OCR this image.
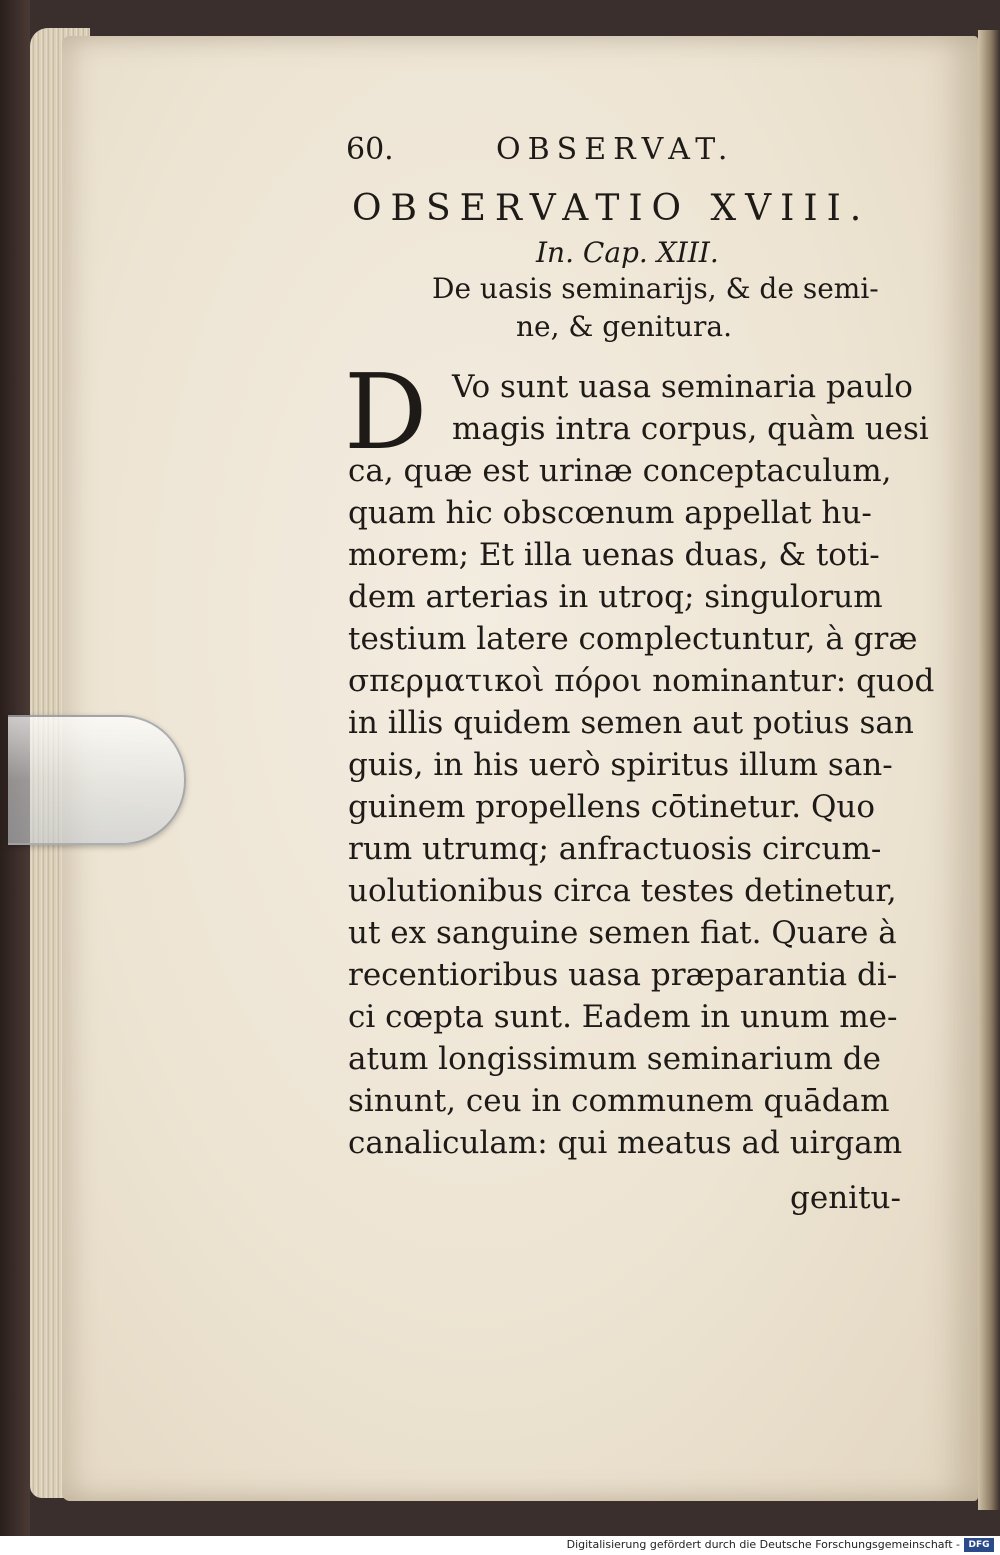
60.	OBSERVAT.
OBSERVATIO XVIII.
In. Cap. XIII.
De uasis seminarijs, & de semi-
ne, & genitura.
D Vo sunt uasa seminaria paulo
magis intra corpus, quàm uesi
ca, quæ est urinæ conceptaculum,
quam hic obscœnum appellat hu-
morem; Et illa uenas duas, & toti-
dem arterias in utroq; singulorum
testium latere complectuntur, à græ
σπερματικοὶ πόροι nominantur: quod
in illis quidem semen aut potius san
guis, in his uerò spiritus illum san-
guinem propellens cōtinetur. Quo
rum utrumq; anfractuosis circum-
uolutionibus circa testes detinetur,
ut ex sanguine semen fiat. Quare à
recentioribus uasa præparantia di-
ci cœpta sunt. Eadem in unum me-
atum longissimum seminarium de
sinunt, ceu in communem quādam
canaliculam: qui meatus ad uirgam
genitu-
Digitalisierung gefördert durch die Deutsche Forschungsgemeinschaft - DFG
